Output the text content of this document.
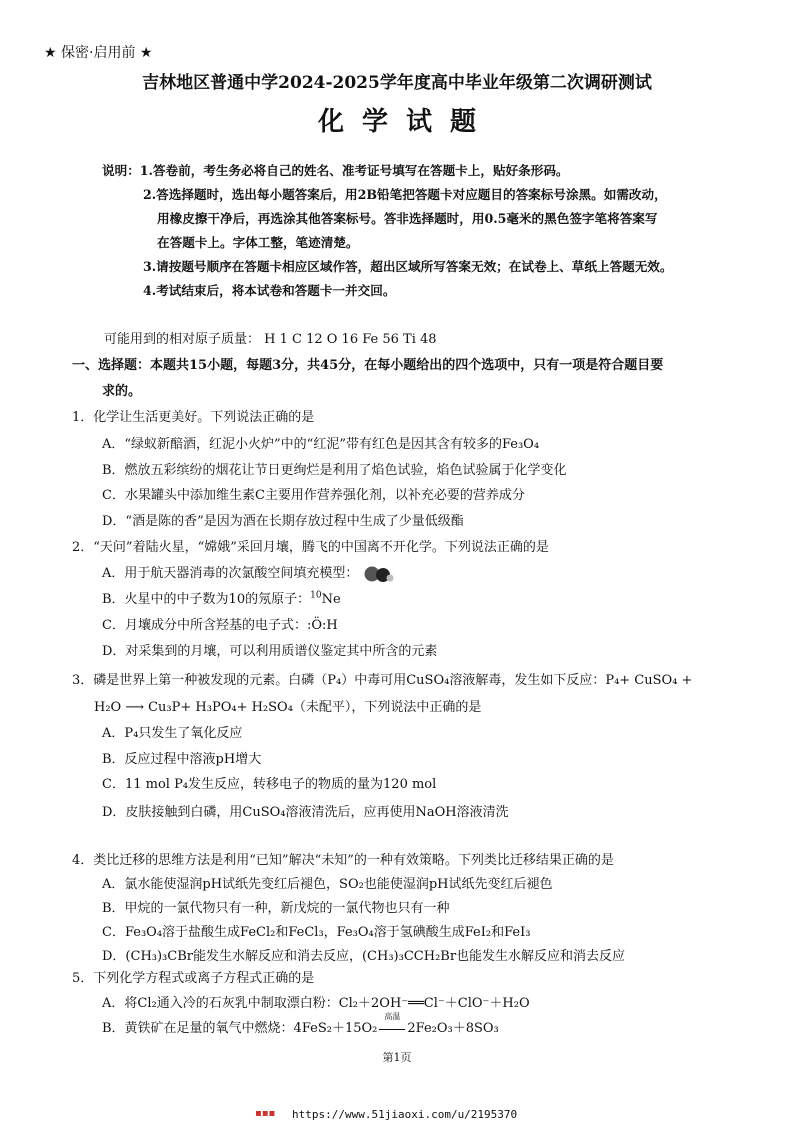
★ 保密·启用前 ★
吉林地区普通中学2024-2025学年度高中毕业年级第二次调研测试
化学试题
说明：1.答卷前，考生务必将自己的姓名、准考证号填写在答题卡上，贴好条形码。
2.答选择题时，选出每小题答案后，用2B铅笔把答题卡对应题目的答案标号涂黑。如需改动，
用橡皮擦干净后，再选涂其他答案标号。答非选择题时，用0.5毫米的黑色签字笔将答案写
在答题卡上。字体工整，笔迹清楚。
3.请按题号顺序在答题卡相应区域作答，超出区域所写答案无效；在试卷上、草纸上答题无效。
4.考试结束后，将本试卷和答题卡一并交回。
可能用到的相对原子质量： H 1 C 12 O 16 Fe 56 Ti 48
一、选择题：本题共15小题，每题3分，共45分，在每小题给出的四个选项中，只有一项是符合题目要
求的。
1．化学让生活更美好。下列说法正确的是
A．“绿蚁新醅酒，红泥小火炉”中的“红泥”带有红色是因其含有较多的Fe₃O₄
B．燃放五彩缤纷的烟花让节日更绚烂是利用了焰色试验，焰色试验属于化学变化
C．水果罐头中添加维生素C主要用作营养强化剂，以补充必要的营养成分
D．“酒是陈的香”是因为酒在长期存放过程中生成了少量低级酯
2．“天问”着陆火星，“嫦娥”采回月壤，腾飞的中国离不开化学。下列说法正确的是
A．用于航天器消毒的次氯酸空间填充模型：
B．火星中的中子数为10的氖原子：$^{10}$Ne
C．月壤成分中所含羟基的电子式：:Ö:H
D．对采集到的月壤，可以利用质谱仪鉴定其中所含的元素
3．磷是世界上第一种被发现的元素。白磷（P₄）中毒可用CuSO₄溶液解毒，发生如下反应：P₄+ CuSO₄ +
H₂O ⟶ Cu₃P+ H₃PO₄+ H₂SO₄（未配平），下列说法中正确的是
A．P₄只发生了氧化反应
B．反应过程中溶液pH增大
C．11 mol P₄发生反应，转移电子的物质的量为120 mol
D．皮肤接触到白磷，用CuSO₄溶液清洗后，应再使用NaOH溶液清洗
4．类比迁移的思维方法是利用“已知”解决“未知”的一种有效策略。下列类比迁移结果正确的是
A．氯水能使湿润pH试纸先变红后褪色，SO₂也能使湿润pH试纸先变红后褪色
B．甲烷的一氯代物只有一种，新戊烷的一氯代物也只有一种
C．Fe₃O₄溶于盐酸生成FeCl₂和FeCl₃，Fe₃O₄溶于氢碘酸生成FeI₂和FeI₃
D．(CH₃)₃CBr能发生水解反应和消去反应，(CH₃)₃CCH₂Br也能发生水解反应和消去反应
5．下列化学方程式或离子方程式正确的是
A．将Cl₂通入冷的石灰乳中制取漂白粉：Cl₂＋2OH⁻══Cl⁻＋ClO⁻＋H₂O
B．黄铁矿在足量的氧气中燃烧：4FeS₂＋15O₂
高温
2Fe₂O₃＋8SO₃
第1页
▪▪▪ https://www.51jiaoxi.com/u/2195370
